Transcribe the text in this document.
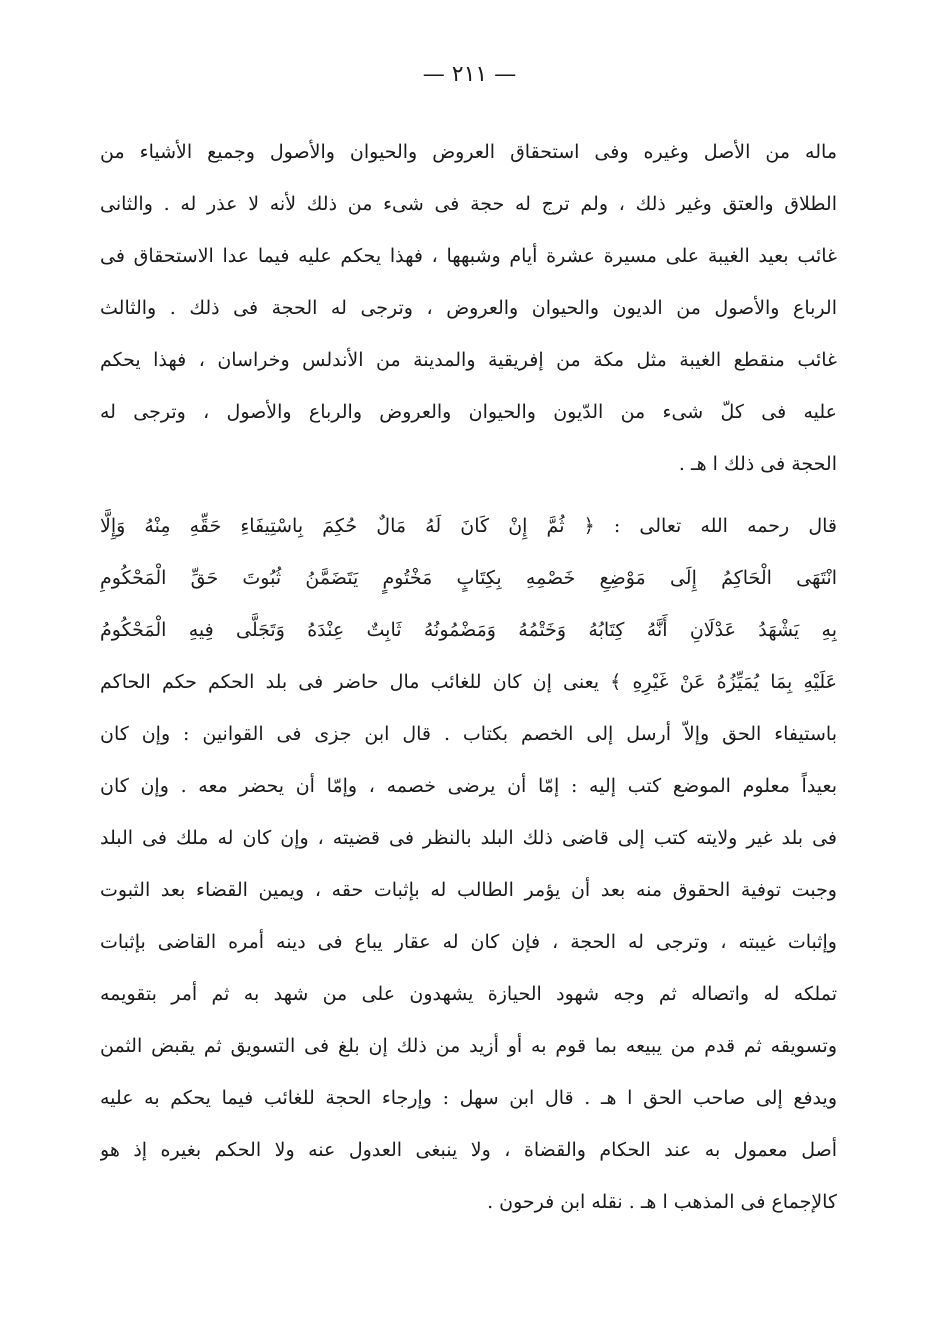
— ٢١١ —
ماله من الأصل وغيره وفى استحقاق العروض والحيوان والأصول وجميع الأشياء من
الطلاق والعتق وغير ذلك ، ولم ترج له حجة فى شىء من ذلك لأنه لا عذر له . والثانى
غائب بعيد الغيبة على مسيرة عشرة أيام وشبهها ، فهذا يحكم عليه فيما عدا الاستحقاق فى
الرباع والأصول من الديون والحيوان والعروض ، وترجى له الحجة فى ذلك . والثالث
غائب منقطع الغيبة مثل مكة من إفريقية والمدينة من الأندلس وخراسان ، فهذا يحكم
عليه فى كلّ شىء من الدّيون والحيوان والعروض والرباع والأصول ، وترجى له
الحجة فى ذلك ا هـ .
قال رحمه الله تعالى : ﴿ ثُمَّ إِنْ كَانَ لَهُ مَالٌ حُكِمَ بِاسْتِيفَاءِ حَقِّهِ مِنْهُ وَإِلَّا
انْتَهَى الْحَاكِمُ إِلَى مَوْضِعِ خَصْمِهِ بِكِتَابٍ مَخْتُومٍ يَتَضَمَّنُ ثُبُوتَ حَقِّ الْمَحْكُومِ
بِهِ يَشْهَدُ عَدْلَانِ أَنَّهُ كِتَابُهُ وَخَتْمُهُ وَمَضْمُونُهُ ثَابِتٌ عِنْدَهُ وَتَجَلَّى فِيهِ الْمَحْكُومُ
عَلَيْهِ بِمَا يُمَيِّزُهُ عَنْ غَيْرِهِ ﴾ يعنى إن كان للغائب مال حاضر فى بلد الحكم حكم الحاكم
باستيفاء الحق وإلاّ أرسل إلى الخصم بكتاب . قال ابن جزى فى القوانين : وإن كان
بعيداً معلوم الموضع كتب إليه : إمّا أن يرضى خصمه ، وإمّا أن يحضر معه . وإن كان
فى بلد غير ولايته كتب إلى قاضى ذلك البلد بالنظر فى قضيته ، وإن كان له ملك فى البلد
وجبت توفية الحقوق منه بعد أن يؤمر الطالب له بإثبات حقه ، ويمين القضاء بعد الثبوت
وإثبات غيبته ، وترجى له الحجة ، فإن كان له عقار يباع فى دينه أمره القاضى بإثبات
تملكه له واتصاله ثم وجه شهود الحيازة يشهدون على من شهد به ثم أمر بتقويمه
وتسويقه ثم قدم من يبيعه بما قوم به أو أزيد من ذلك إن بلغ فى التسويق ثم يقبض الثمن
ويدفع إلى صاحب الحق ا هـ . قال ابن سهل : وإرجاء الحجة للغائب فيما يحكم به عليه
أصل معمول به عند الحكام والقضاة ، ولا ينبغى العدول عنه ولا الحكم بغيره إذ هو
كالإجماع فى المذهب ا هـ . نقله ابن فرحون .
